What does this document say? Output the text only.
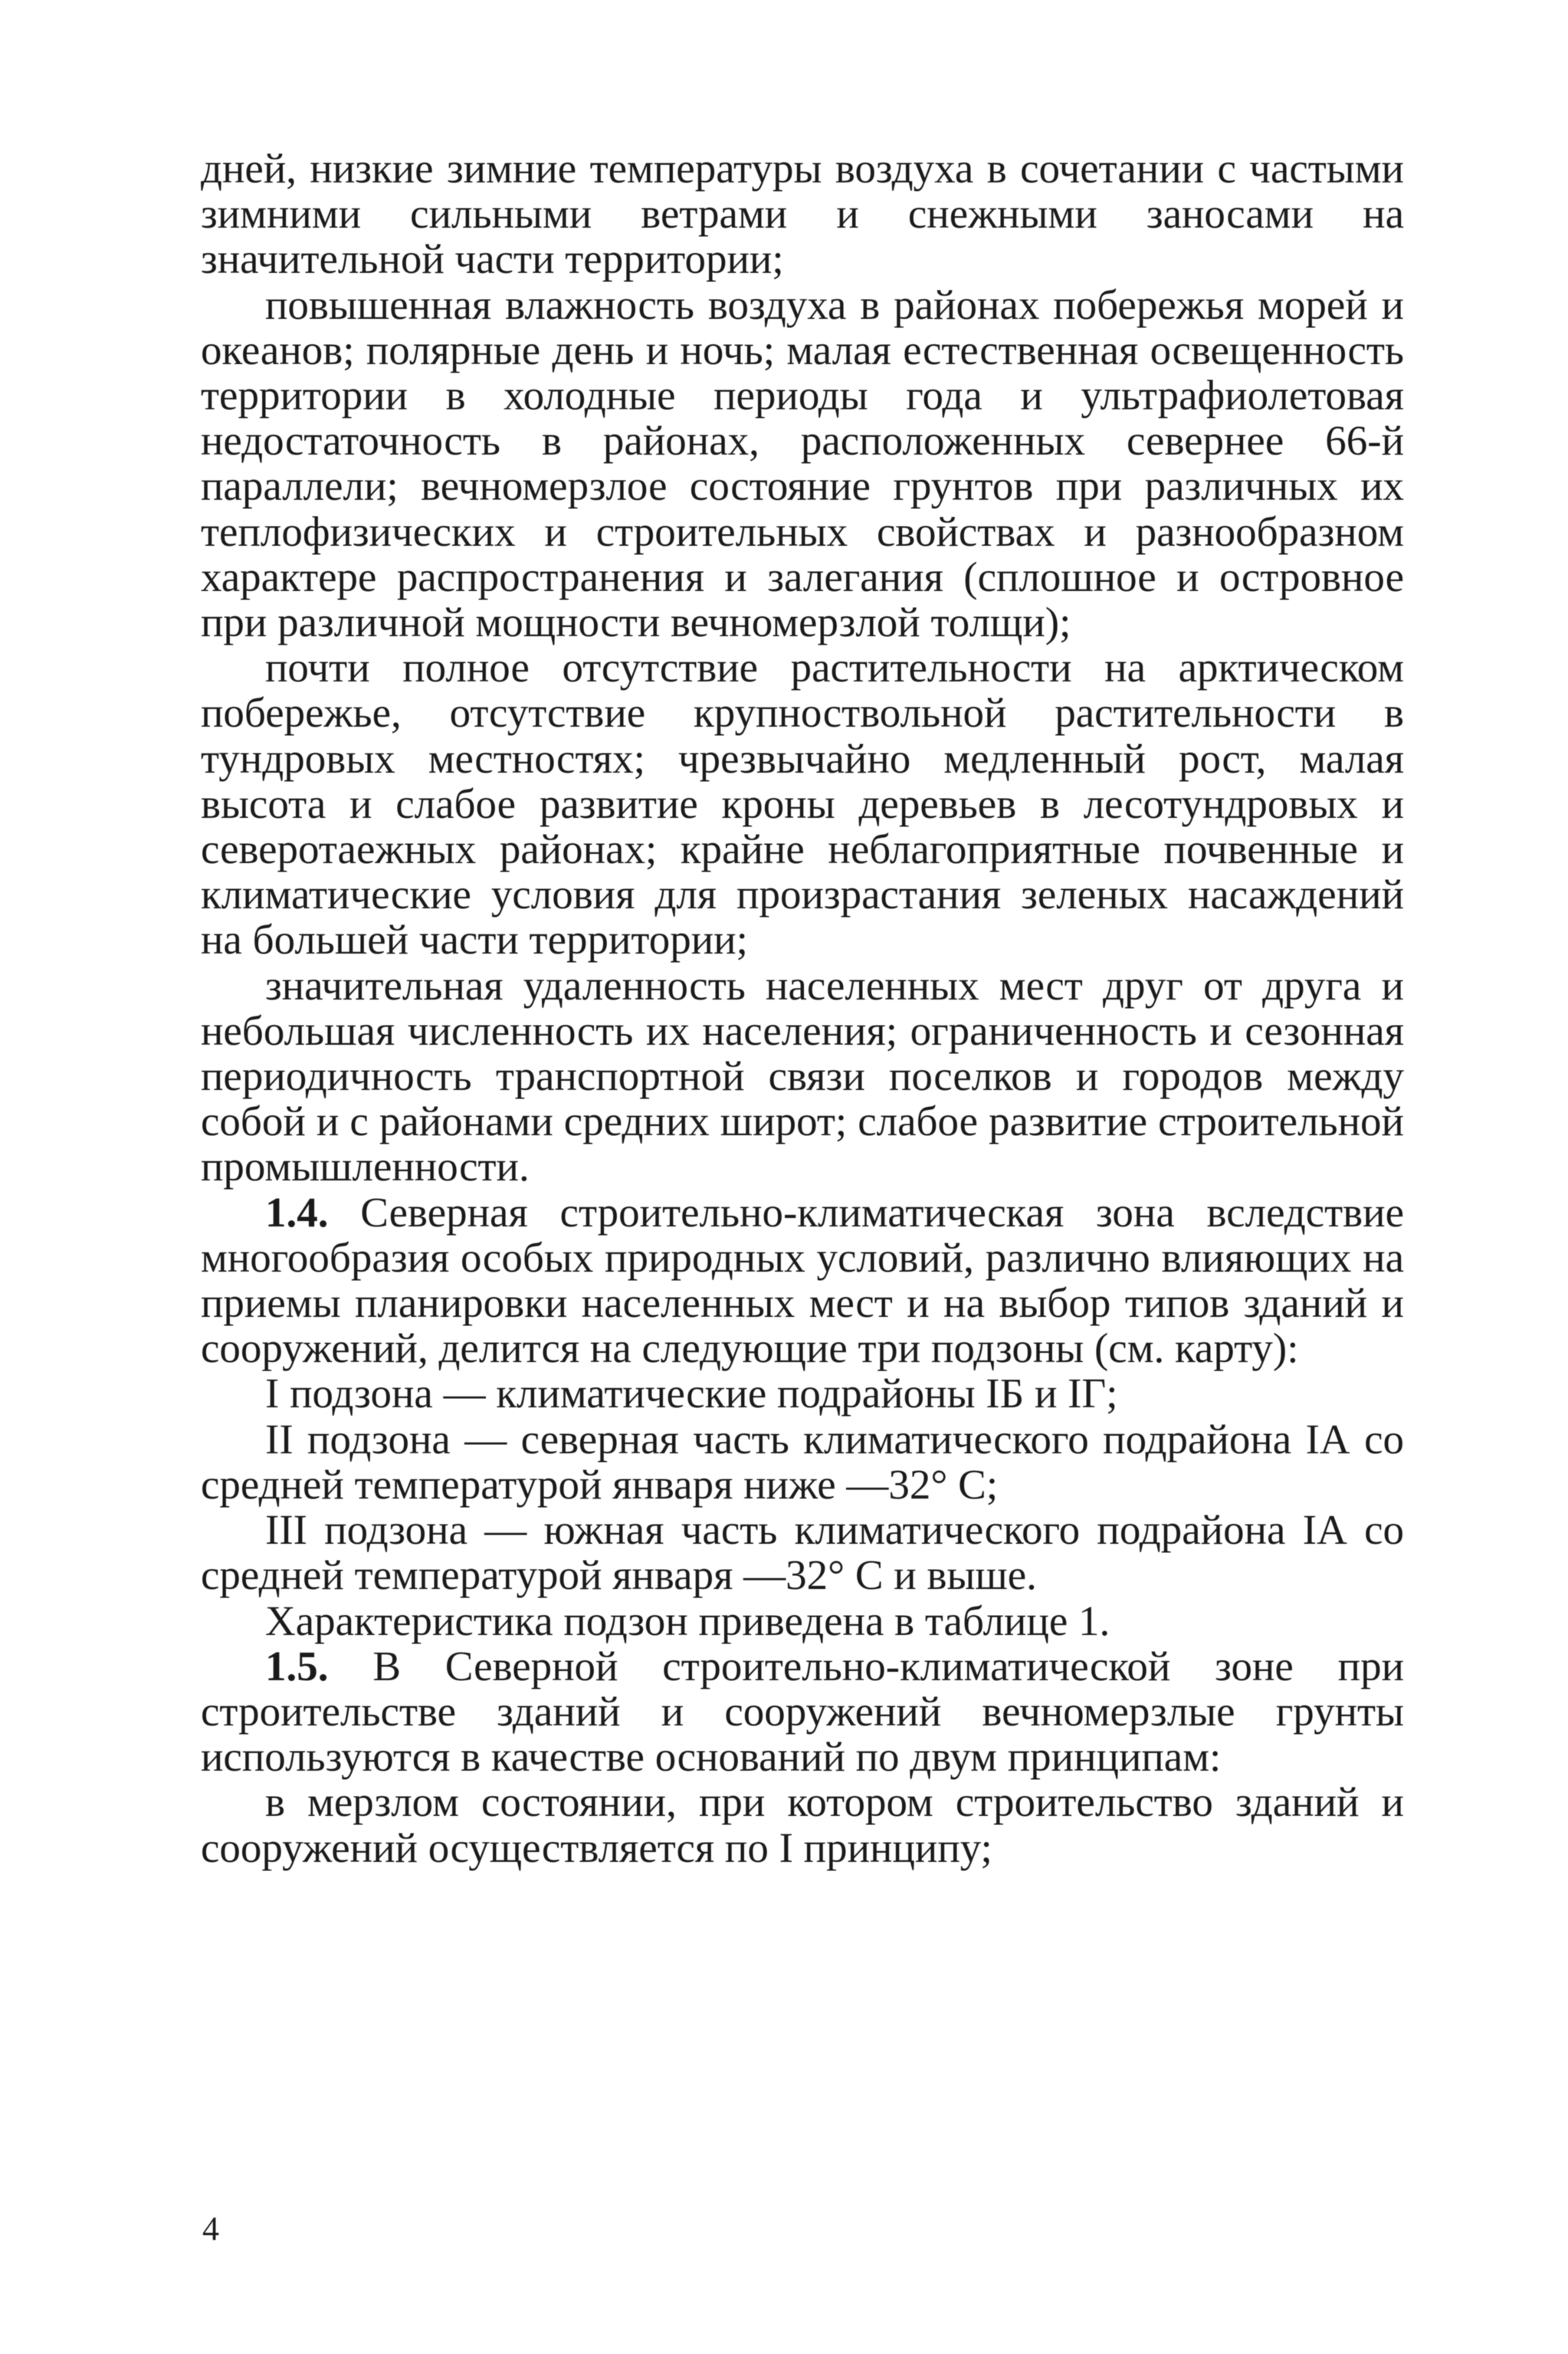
дней, низкие зимние температуры воздуха в сочетании с частыми зимними сильными ветрами и снежными заносами на значительной части территории;

повышенная влажность воздуха в районах побережья морей и океанов; полярные день и ночь; малая естественная освещенность территории в холодные периоды года и ультрафиолетовая недостаточность в районах, расположенных севернее 66-й параллели; вечномерзлое состояние грунтов при различных их теплофизических и строительных свойствах и разнообразном характере распространения и залегания (сплошное и островное при различной мощности вечномерзлой толщи);

почти полное отсутствие растительности на арктическом побережье, отсутствие крупноствольной растительности в тундровых местностях; чрезвычайно медленный рост, малая высота и слабое развитие кроны деревьев в лесотундровых и северотаежных районах; крайне неблагоприятные почвенные и климатические условия для произрастания зеленых насаждений на большей части территории;

значительная удаленность населенных мест друг от друга и небольшая численность их населения; ограниченность и сезонная периодичность транспортной связи поселков и городов между собой и с районами средних широт; слабое развитие строительной промышленности.

1.4. Северная строительно-климатическая зона вследствие многообразия особых природных условий, различно влияющих на приемы планировки населенных мест и на выбор типов зданий и сооружений, делится на следующие три подзоны (см. карту):

I подзона — климатические подрайоны IБ и IГ;

II подзона — северная часть климатического подрайона IА со средней температурой января ниже —32° С;

III подзона — южная часть климатического подрайона IА со средней температурой января —32° С и выше.

Характеристика подзон приведена в таблице 1.

1.5. В Северной строительно-климатической зоне при строительстве зданий и сооружений вечномерзлые грунты используются в качестве оснований по двум принципам:

в мерзлом состоянии, при котором строительство зданий и сооружений осуществляется по I принципу;

4
